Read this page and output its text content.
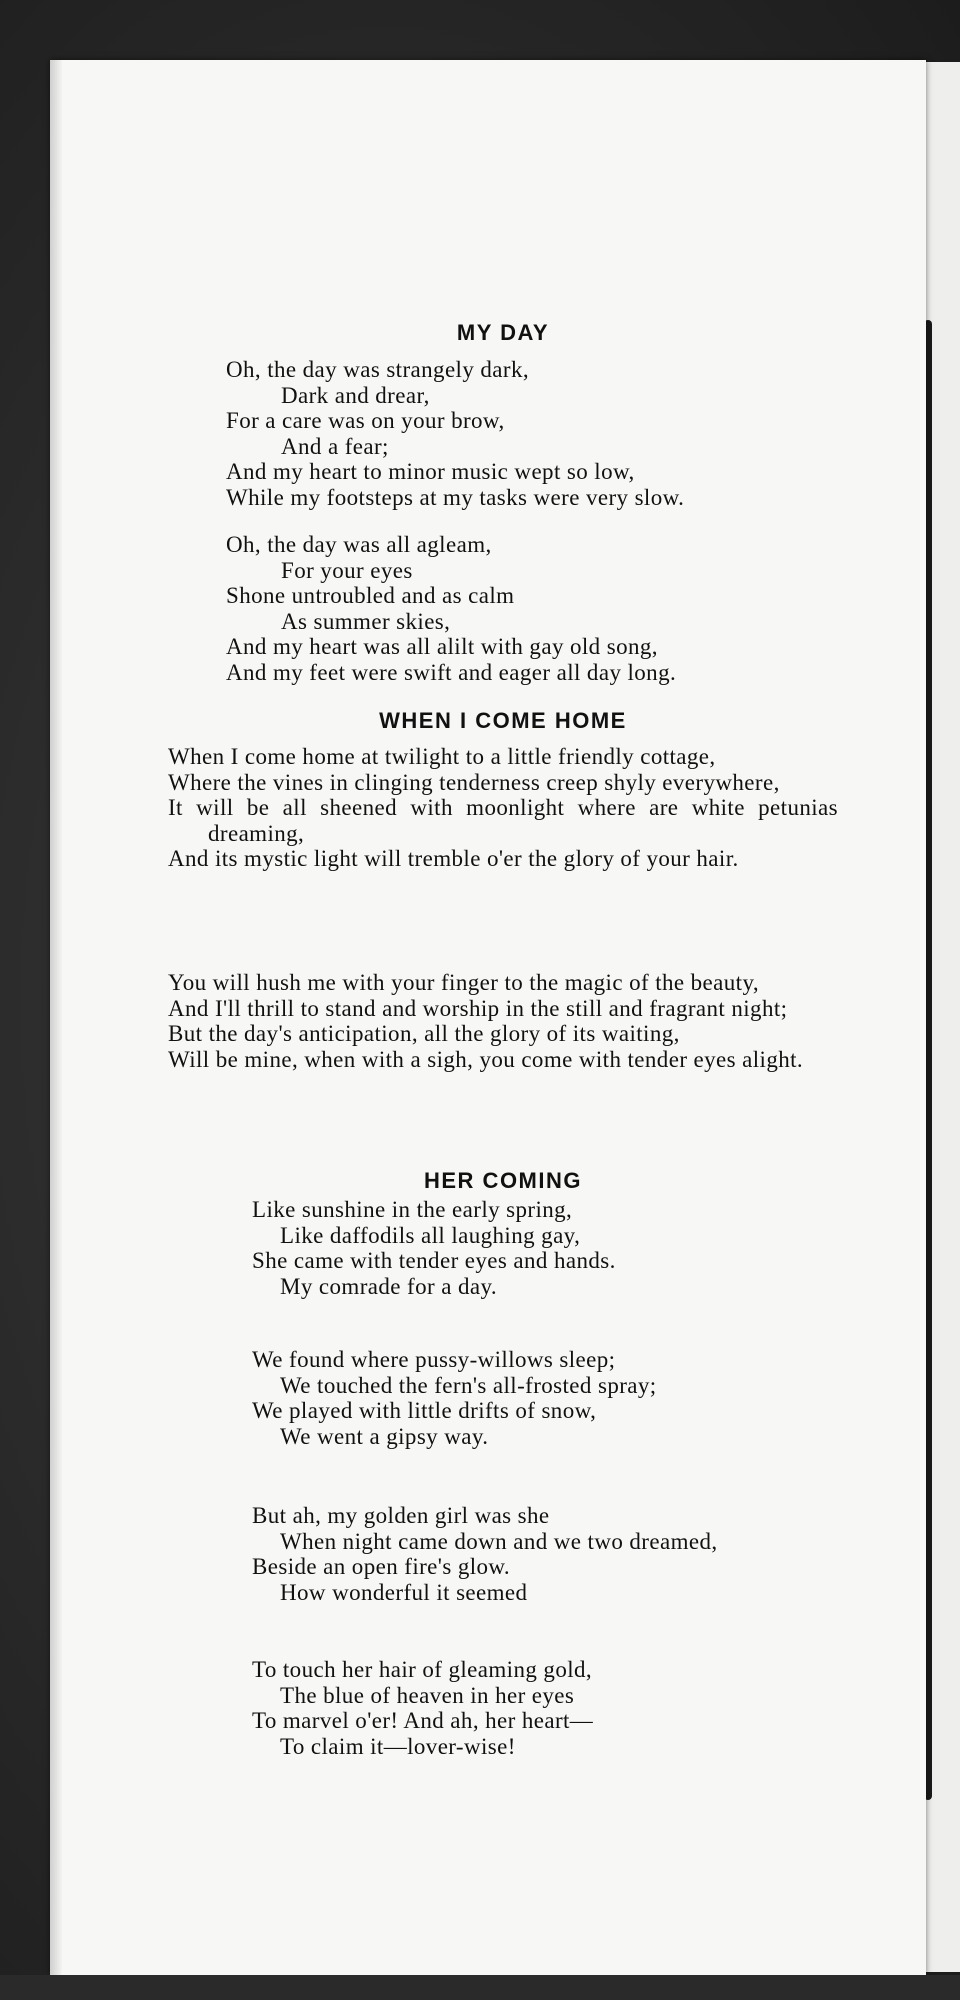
MY DAY
Oh, the day was strangely dark,
Dark and drear,
For a care was on your brow,
And a fear;
And my heart to minor music wept so low,
While my footsteps at my tasks were very slow.
Oh, the day was all agleam,
For your eyes
Shone untroubled and as calm
As summer skies,
And my heart was all alilt with gay old song,
And my feet were swift and eager all day long.
WHEN I COME HOME
When I come home at twilight to a little friendly cottage,
Where the vines in clinging tenderness creep shyly everywhere,
It will be all sheened with moonlight where are white petunias dreaming,
And its mystic light will tremble o'er the glory of your hair.
You will hush me with your finger to the magic of the beauty,
And I'll thrill to stand and worship in the still and fragrant night;
But the day's anticipation, all the glory of its waiting,
Will be mine, when with a sigh, you come with tender eyes alight.
HER COMING
Like sunshine in the early spring,
Like daffodils all laughing gay,
She came with tender eyes and hands.
My comrade for a day.
We found where pussy-willows sleep;
We touched the fern's all-frosted spray;
We played with little drifts of snow,
We went a gipsy way.
But ah, my golden girl was she
When night came down and we two dreamed,
Beside an open fire's glow.
How wonderful it seemed
To touch her hair of gleaming gold,
The blue of heaven in her eyes
To marvel o'er! And ah, her heart—
To claim it—lover-wise!
